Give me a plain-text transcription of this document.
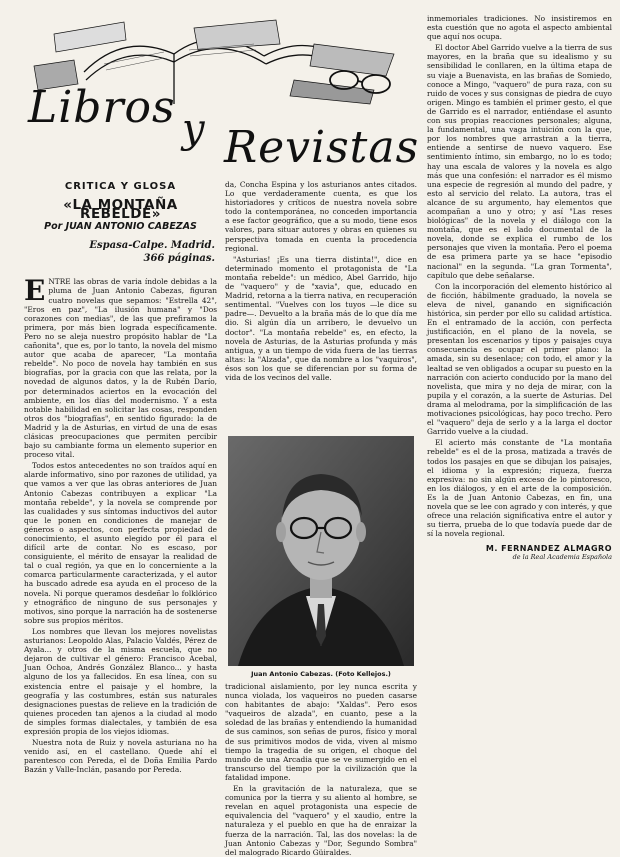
Libros y Revistas
CRITICA Y GLOSA
«LA MONTAÑA REBELDE»
Por JUAN ANTONIO CABEZAS
Espasa-Calpe. Madrid.
366 páginas.

ENTRE las obras de varia índole debidas a la pluma de Juan Antonio Cabezas, figuran cuatro novelas que sepamos: "Estrella 42", "Eros en paz", "La ilusión humana" y "Dos corazones con medias", de las que prefiramos la primera, por más bien lograda específicamente. Pero no se aleja nuestro propósito hablar de "La cañonita", que es, por lo tanto, la novela del mismo autor que acaba de aparecer, "La montaña rebelde". No poco de novela hay también en sus biografías, por la gracia con que las relata, por la novedad de algunos datos, y la de Rubén Darío, por determinados aciertos en la evocación del ambiente, en los días del modernismo. Y a esta notable habilidad en solicitar las cosas, responden otros dos "biografías", en sentido figurado: la de Madrid y la de Asturias, en virtud de una de esas clásicas preocupaciones que permiten percibir bajo su cambiante forma un elemento superior en proceso vital.

Todos estos antecedentes no son traídos aquí en alarde informativo, sino por razones de utilidad, ya que vamos a ver que las obras anteriores de Juan Antonio Cabezas contribuyen a explicar "La montaña rebelde", y la novela se comprende por las cualidades y sus síntomas inductivos del autor que le ponen en condiciones de manejar de géneros o aspectos, con perfecta propiedad de conocimiento, el asunto elegido por él para el difícil arte de contar. No es escaso, por consiguiente, el mérito de ensayar la realidad de tal o cual región, ya que en lo concerniente a la comarca particularmente caracterizada, y el autor ha buscado adrede esa ayuda en el proceso de la novela. Ni porque queramos desdeñar lo folklórico y etnográfico de ninguno de sus personajes y motivos, sino porque la narración ha de sostenerse sobre sus propios méritos.

Los nombres que llevan los mejores novelistas asturianos: Leopoldo Alas, Palacio Valdés, Pérez de Ayala... y otros de la misma escuela, que no dejaron de cultivar el género: Francisco Acebal, Juan Ochoa, Andrés González Blanco... y hasta alguno de los ya fallecidos. En esa línea, con su existencia entre el paisaje y el hombre, la geografía y las costumbres, están sus naturales designaciones puestas de relieve en la tradición de quienes proceden tan ajenos a la ciudad al modo de simples formas dialectales, y también de esa expresión propia de los viejos idiomas.

Nuestra nota de Ruiz y novela asturiana no ha venido así, en el castellano. Quede ahí el parentesco con Pereda, el de Doña Emilia Pardo Bazán y Valle-Inclán, pasando por Pereda.

da, Concha Espina y los asturianos antes citados. Lo que verdaderamente cuenta, es que los historiadores y críticos de nuestra novela sobre todo la contemporánea, no conceden importancia a ese factor geográfico, que a su modo, tiene esos valores, para situar autores y obras en quienes su perspectiva tomada en cuenta la procedencia regional.

"Asturias! ¡Es una tierra distinta!", dice en determinado momento el protagonista de "La montaña rebelde": un médico, Abel Garrido, hijo de "vaquero" y de "xavia", que, educado en Madrid, retorna a la tierra nativa, en recuperación sentimental. "Vuelves con los tuyos —le dice su padre—. Devuelto a la braña más de lo que día me dio. Si algún día un arribero, le devuelvo un doctor". "La montaña rebelde" es, en efecto, la novela de Asturias, de la Asturias profunda y más antigua, y a un tiempo de vida fuera de las tierras altas: la "Alzada", que da nombre a los "vaquiros", ésos son los que se diferencian por su forma de vida de los vecinos del valle.

Juan Antonio Cabezas. (Foto Kellejos.)

tradicional aislamiento, por ley nunca escrita y nunca violada, los vaqueiros no pueden casarse con habitantes de abajo: "Xaldas". Pero esos "vaqueiros de alzada", en cuanto, pese a la soledad de las brañas y entendiendo la humanidad de sus caminos, son señas de puros, físico y moral de sus primitivos modos de vida, viven al mismo tiempo la tragedia de su origen, el choque del mundo de una Arcadia que se ve sumergido en el transcurso del tiempo por la civilización que la fatalidad impone.

En la gravitación de la naturaleza, que se comunica por la tierra y su aliento al hombre, se revelan en aquel protagonista una especie de equivalencia del "vaquero" y el xaudio, entre la naturaleza y el pueblo en que ha de enraizar la fuerza de la narración. Tal, las dos novelas: la de Juan Antonio Cabezas y "Dor, Segundo Sombra" del malogrado Ricardo Güiraldes.

inmemoriales tradiciones. No insistiremos en esta cuestión que no agota el aspecto ambiental que aquí nos ocupa.

El doctor Abel Garrido vuelve a la tierra de sus mayores, en la braña que su idealismo y su sensibilidad le conllaren, en la última etapa de su viaje a Buenavista, en las brañas de Somiedo, conoce a Mingo, "vaquero" de pura raza, con su ruido de voces y sus consignas de piedra de cuyo origen. Mingo es también el primer gesto, el que de Garrido es el narrador, entiéndase el asunto con sus propias reacciones personales; alguna, la fundamental, una vaga intuición con la que, por los nombres que arrastran a la tierra, entiende a sentirse de nuevo vaquero. Ese sentimiento íntimo, sin embargo, no lo es todo; hay una escala de valores y la novela es algo más que una confesión: el narrador es él mismo una especie de regresión al mundo del padre, y esto al servicio del relato. La autora, tras el alcance de su argumento, hay elementos que acompañan a uno y otro; y así "Las reses biológicas" de la novela y el diálogo con la montaña, que es el lado documental de la novela, donde se explica el rumbo de los personajes que viven la montaña. Pero el poema de esa primera parte ya se hace "episodio nacional" en la segunda. "La gran Tormenta", capítulo que debe señalarse.

Con la incorporación del elemento histórico al de ficción, hábilmente graduado, la novela se eleva de nivel, ganando en significación histórica, sin perder por ello su calidad artística. En el entramado de la acción, con perfecta justificación, en el plano de la novela, se presentan los escenarios y tipos y paisajes cuya consecuencia es ocupar el primer plano: la amada, sin su desenlace; con todo, el amor y la lealtad se ven obligados a ocupar su puesto en la narración con acierto conducido por la mano del novelista, que mira y no deja de mirar, con la pupila y el corazón, a la suerte de Asturias. Del drama al melodrama, por la simplificación de las motivaciones psicológicas, hay poco trecho. Pero el "vaquero" deja de serlo y a la larga el doctor Garrido vuelve a la ciudad.

El acierto más constante de "La montaña rebelde" es el de la prosa, matizada a través de todos los pasajes en que se dibujan los paisajes, el idioma y la expresión; riqueza, fuerza expresiva: no sin algún exceso de lo pintoresco, en los diálogos, y en el arte de la composición. Es la de Juan Antonio Cabezas, en fin, una novela que se lee con agrado y con interés, y que ofrece una relación significativa entre el autor y su tierra, prueba de lo que todavía puede dar de sí la novela regional.

M. FERNANDEZ ALMAGRO
de la Real Academia Española
